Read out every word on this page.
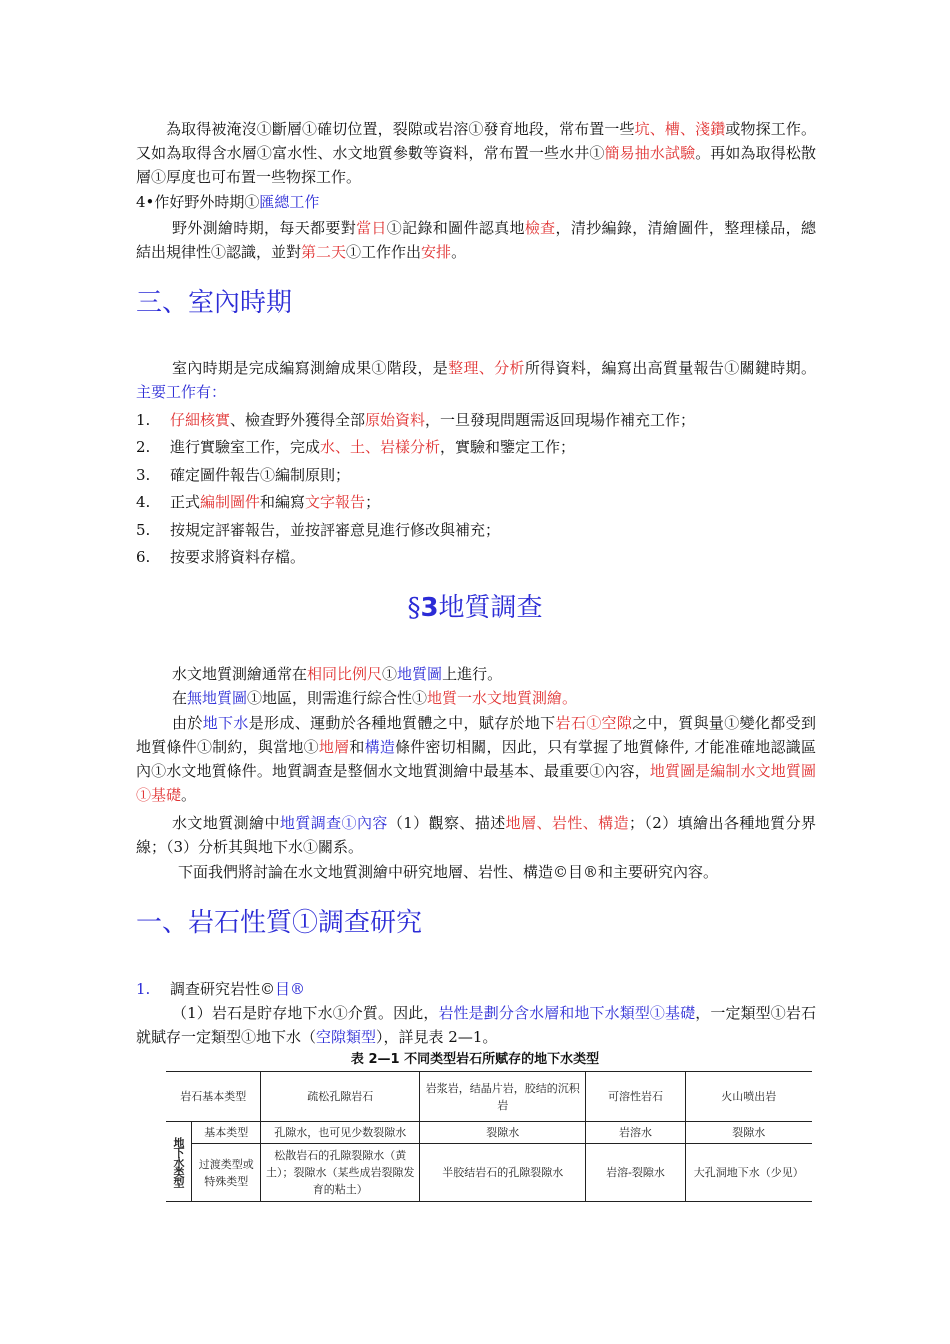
為取得被淹沒①斷層①確切位置，裂隙或岩溶①發育地段，常布置一些坑、槽、淺鑽或物探工作。又如為取得含水層①富水性、水文地質參數等資料，常布置一些水井①簡易抽水試驗。再如為取得松散層①厚度也可布置一些物探工作。
4•作好野外時期①匯總工作
野外測繪時期，每天都要對當日①記錄和圖件認真地檢查，清抄編錄，清繪圖件，整理樣品，總結出規律性①認識，並對第二天①工作作出安排。
三、室內時期
室內時期是完成編寫測繪成果①階段，是整理、分析所得資料，編寫出高質量報告①關鍵時期。主要工作有：
1. 仔細核實、檢查野外獲得全部原始資料，一旦發現問題需返回現場作補充工作；
2. 進行實驗室工作，完成水、土、岩樣分析，實驗和鑒定工作；
3. 確定圖件報告①編制原則；
4. 正式編制圖件和編寫文字報告；
5. 按規定評審報告，並按評審意見進行修改與補充；
6. 按要求將資料存檔。
§3地質調查
水文地質測繪通常在相同比例尺①地質圖上進行。
在無地質圖①地區，則需進行綜合性①地質一水文地質測繪。
由於地下水是形成、運動於各種地質體之中，賦存於地下岩石①空隙之中，質與量①變化都受到地質條件①制約，與當地①地層和構造條件密切相關，因此，只有掌握了地質條件, 才能准確地認識區內①水文地質條件。地質調查是整個水文地質測繪中最基本、最重要①內容，地質圖是編制水文地質圖①基礎。
水文地質測繪中地質調查①內容（1）觀察、描述地層、岩性、構造；（2）填繪出各種地質分界線；（3）分析其與地下水①關系。
下面我們將討論在水文地質測繪中研究地層、岩性、構造©目®和主要研究內容。
一、岩石性質①調查研究
1. 調查研究岩性©目®
（1）岩石是貯存地下水①介質。因此，岩性是劃分含水層和地下水類型①基礎，一定類型①岩石就賦存一定類型①地下水（空隙類型），詳見表 2—1。
表 2—1 不同类型岩石所赋存的地下水类型
岩石基本类型		疏松孔隙岩石	岩浆岩，结晶片岩，胶结的沉积岩	可溶性岩石	火山喷出岩
地下水类型	基本类型	孔隙水，也可见少数裂隙水	裂隙水	岩溶水	裂隙水
	过渡类型或特殊类型	松散岩石的孔隙裂隙水（黄土）；裂隙水（某些成岩裂隙发育的粘土）	半胶结岩石的孔隙裂隙水	岩溶-裂隙水	大孔洞地下水（少见）
